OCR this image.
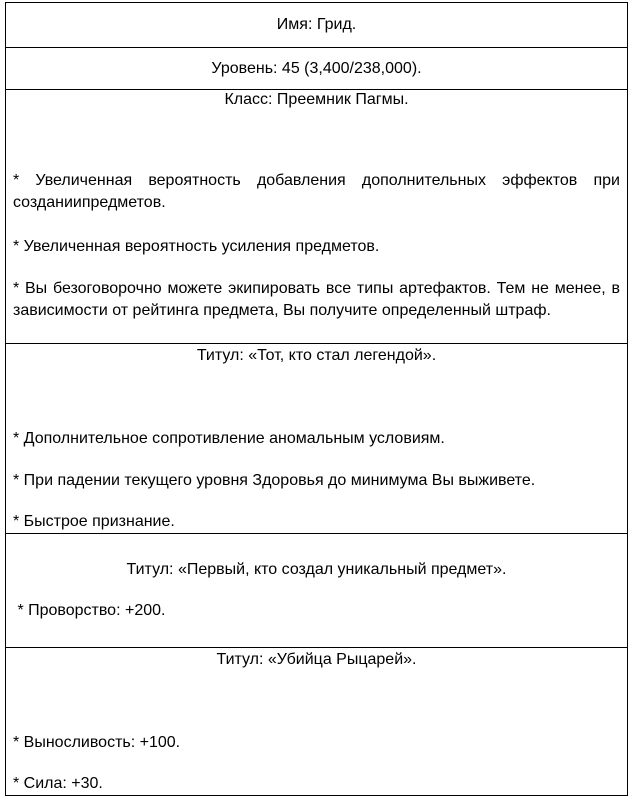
Имя: Грид.
Уровень: 45 (3,400/238,000).
Класс: Преемник Пагмы.
* Увеличенная вероятность добавления дополнительных эффектов при созданиипредметов.
* Увеличенная вероятность усиления предметов.
* Вы безоговорочно можете экипировать все типы артефактов. Тем не менее, в зависимости от рейтинга предмета, Вы получите определенный штраф.
Титул: «Тот, кто стал легендой».
* Дополнительное сопротивление аномальным условиям.
* При падении текущего уровня Здоровья до минимума Вы выживете.
* Быстрое признание.
Титул: «Первый, кто создал уникальный предмет».
* Проворство: +200.
Титул: «Убийца Рыцарей».
* Выносливость: +100.
* Сила: +30.
